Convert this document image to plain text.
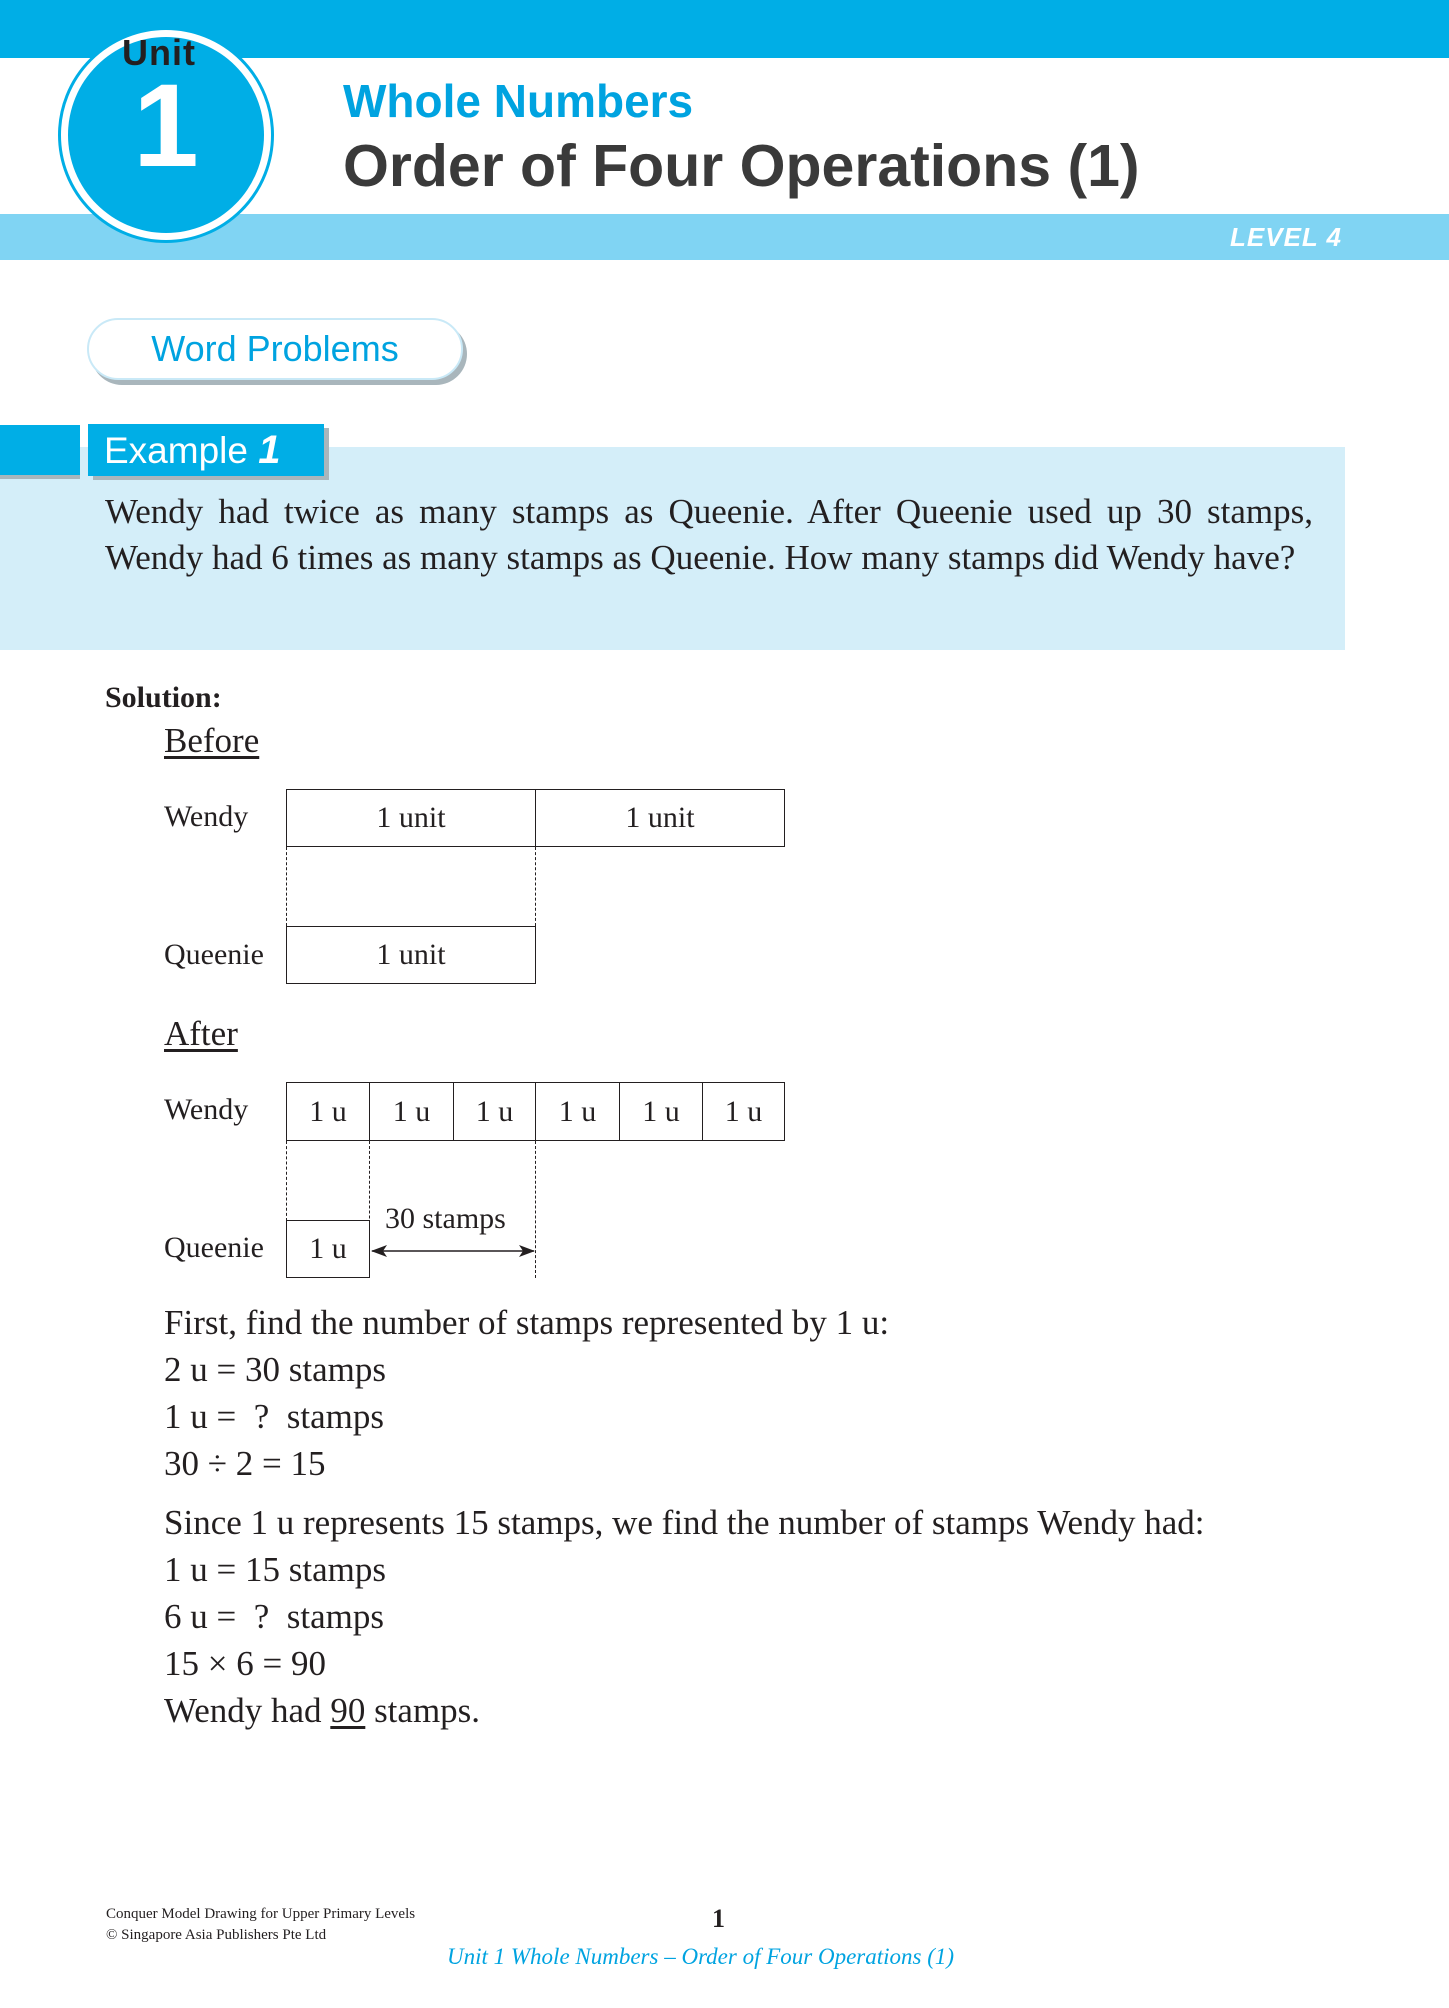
LEVEL 4
Unit
1	Whole Numbers
Order of Four Operations (1)
Word Problems
Example 1
Wendy had twice as many stamps as Queenie. After Queenie used up 30 stamps, Wendy had 6 times as many stamps as Queenie. How many stamps did Wendy have?
Solution:
Before
Wendy	1 unit	1 unit
Queenie	1 unit
After
Wendy	1 u	1 u	1 u	1 u	1 u	1 u
Queenie	1 u
30 stamps
First, find the number of stamps represented by 1 u:
2 u = 30 stamps
1 u =  ?  stamps
30 ÷ 2 = 15
Since 1 u represents 15 stamps, we find the number of stamps Wendy had:
1 u = 15 stamps
6 u =  ?  stamps
15 × 6 = 90
Wendy had 90 stamps.
Conquer Model Drawing for Upper Primary Levels
© Singapore Asia Publishers Pte Ltd
1
Unit 1 Whole Numbers – Order of Four Operations (1)
